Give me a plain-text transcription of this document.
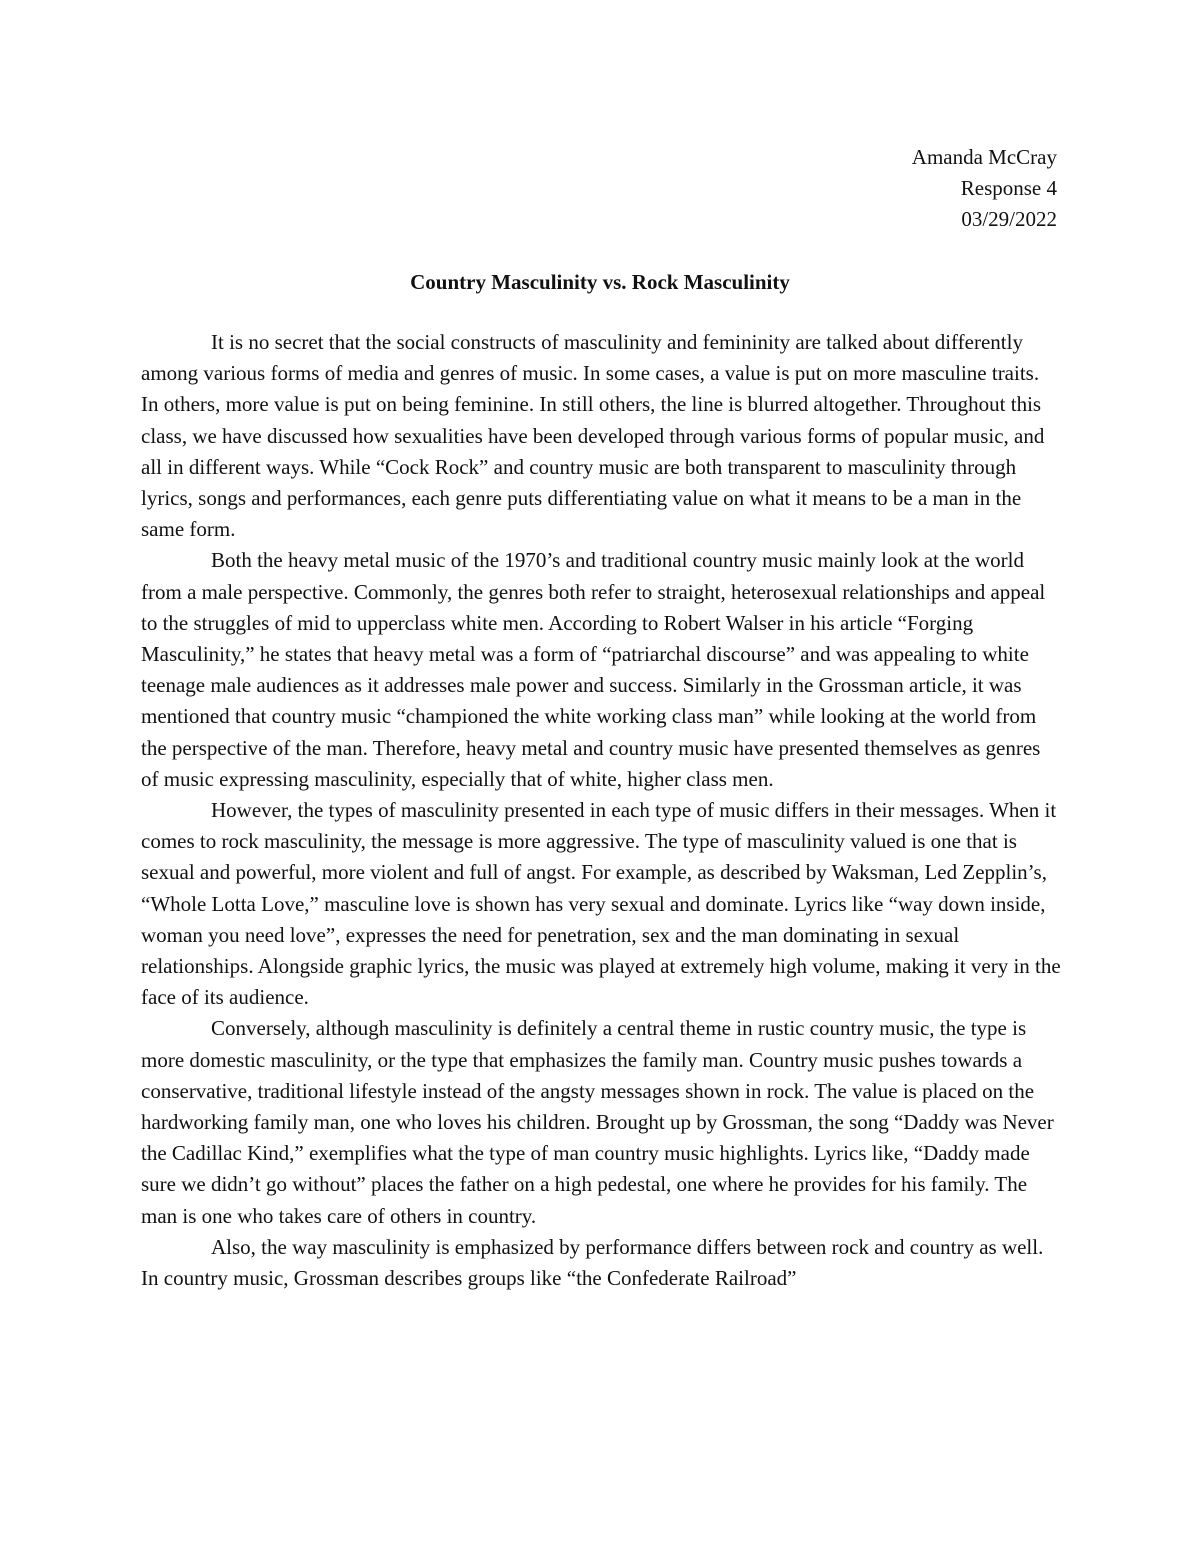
Amanda McCray
Response 4
03/29/2022
Country Masculinity vs. Rock Masculinity

It is no secret that the social constructs of masculinity and femininity are talked about differently among various forms of media and genres of music. In some cases, a value is put on more masculine traits. In others, more value is put on being feminine. In still others, the line is blurred altogether. Throughout this class, we have discussed how sexualities have been developed through various forms of popular music, and all in different ways. While “Cock Rock” and country music are both transparent to masculinity through lyrics, songs and performances, each genre puts differentiating value on what it means to be a man in the same form.

Both the heavy metal music of the 1970’s and traditional country music mainly look at the world from a male perspective. Commonly, the genres both refer to straight, heterosexual relationships and appeal to the struggles of mid to upperclass white men. According to Robert Walser in his article “Forging Masculinity,” he states that heavy metal was a form of “patriarchal discourse” and was appealing to white teenage male audiences as it addresses male power and success. Similarly in the Grossman article, it was mentioned that country music “championed the white working class man” while looking at the world from the perspective of the man. Therefore, heavy metal and country music have presented themselves as genres of music expressing masculinity, especially that of white, higher class men.

However, the types of masculinity presented in each type of music differs in their messages. When it comes to rock masculinity, the message is more aggressive. The type of masculinity valued is one that is sexual and powerful, more violent and full of angst. For example, as described by Waksman, Led Zepplin’s, “Whole Lotta Love,” masculine love is shown has very sexual and dominate. Lyrics like “way down inside, woman you need love”, expresses the need for penetration, sex and the man dominating in sexual relationships. Alongside graphic lyrics, the music was played at extremely high volume, making it very in the face of its audience.

Conversely, although masculinity is definitely a central theme in rustic country music, the type is more domestic masculinity, or the type that emphasizes the family man. Country music pushes towards a conservative, traditional lifestyle instead of the angsty messages shown in rock. The value is placed on the hardworking family man, one who loves his children. Brought up by Grossman, the song “Daddy was Never the Cadillac Kind,” exemplifies what the type of man country music highlights. Lyrics like, “Daddy made sure we didn’t go without” places the father on a high pedestal, one where he provides for his family. The man is one who takes care of others in country.

Also, the way masculinity is emphasized by performance differs between rock and country as well. In country music, Grossman describes groups like “the Confederate Railroad”
